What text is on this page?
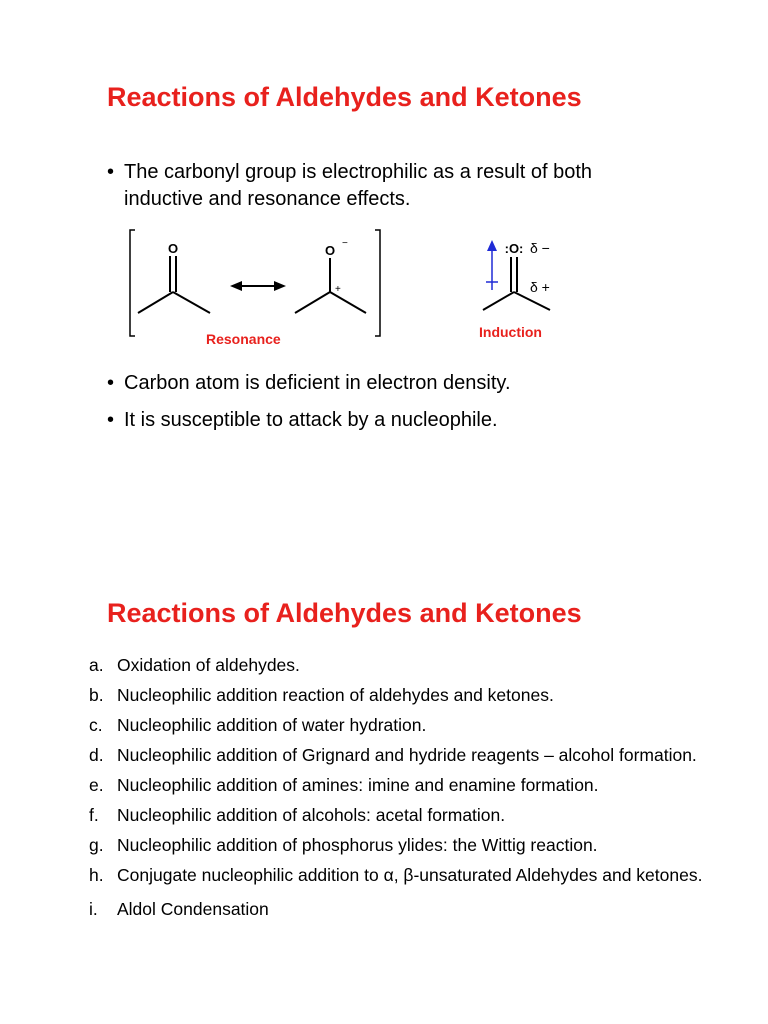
Reactions of Aldehydes and Ketones
• The carbonyl group is electrophilic as a result of both inductive and resonance effects.
O	O −
+
Resonance
:O: δ −
δ +
Induction
• Carbon atom is deficient in electron density.
• It is susceptible to attack by a nucleophile.
Reactions of Aldehydes and Ketones
a. Oxidation of aldehydes.
b. Nucleophilic addition reaction of aldehydes and ketones.
c. Nucleophilic addition of water hydration.
d. Nucleophilic addition of Grignard and hydride reagents – alcohol formation.
e. Nucleophilic addition of amines: imine and enamine formation.
f. Nucleophilic addition of alcohols: acetal formation.
g. Nucleophilic addition of phosphorus ylides: the Wittig reaction.
h. Conjugate nucleophilic addition to α, β-unsaturated Aldehydes and ketones.
i. Aldol Condensation
